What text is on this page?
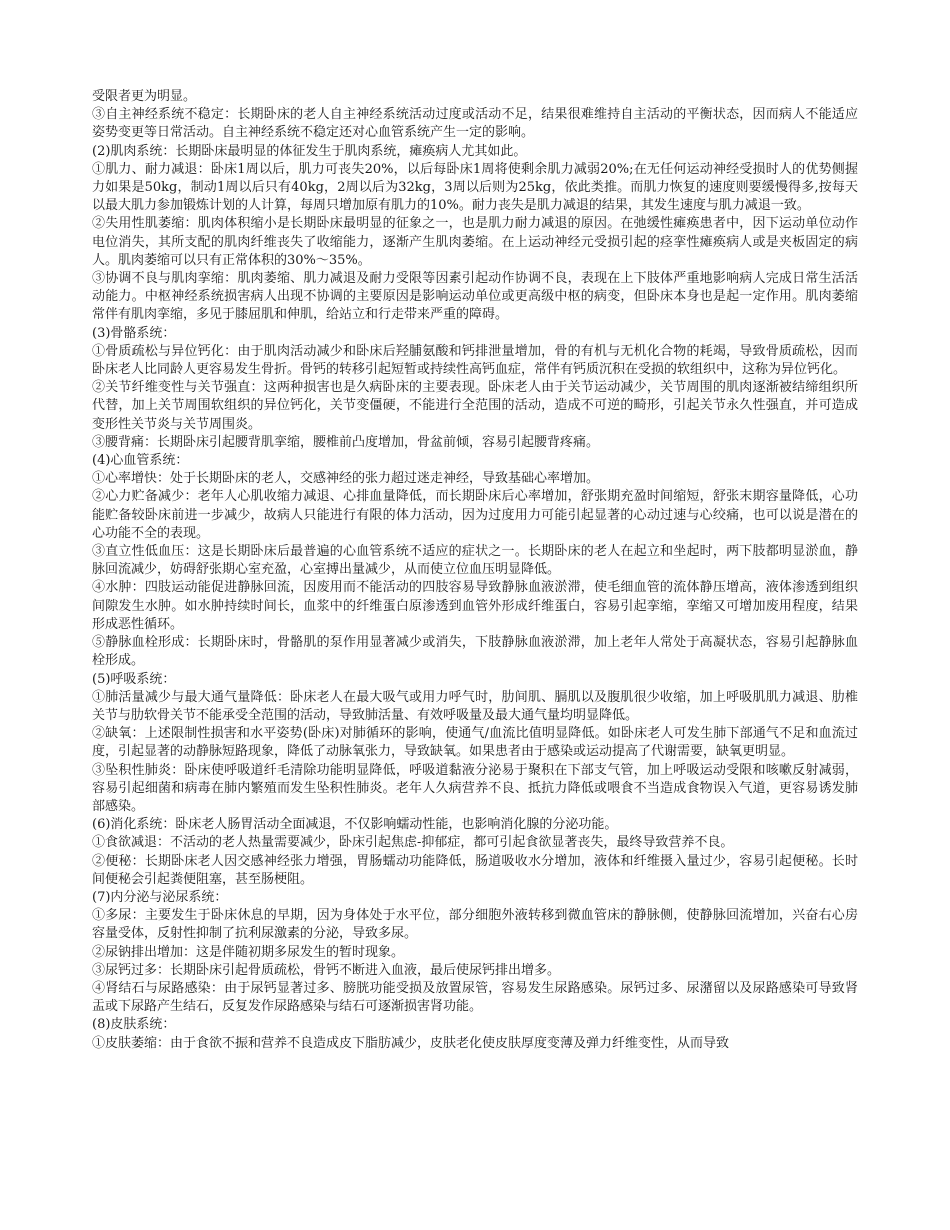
受限者更为明显。

③自主神经系统不稳定：长期卧床的老人自主神经系统活动过度或活动不足，结果很难维持自主活动的平衡状态，因而病人不能适应姿势变更等日常活动。自主神经系统不稳定还对心血管系统产生一定的影响。

(2)肌肉系统：长期卧床最明显的体征发生于肌肉系统，瘫痪病人尤其如此。

①肌力、耐力减退：卧床1周以后，肌力可丧失20%，以后每卧床1周将使剩余肌力减弱20%;在无任何运动神经受损时人的优势侧握力如果是50kg，制动1周以后只有40kg，2周以后为32kg，3周以后则为25kg，依此类推。而肌力恢复的速度则要缓慢得多,按每天以最大肌力参加锻炼计划的人计算，每周只增加原有肌力的10%。耐力丧失是肌力减退的结果，其发生速度与肌力减退一致。

②失用性肌萎缩：肌肉体积缩小是长期卧床最明显的征象之一，也是肌力耐力减退的原因。在弛缓性瘫痪患者中，因下运动单位动作电位消失，其所支配的肌肉纤维丧失了收缩能力，逐渐产生肌肉萎缩。在上运动神经元受损引起的痉挛性瘫痪病人或是夹板固定的病人。肌肉萎缩可以只有正常体积的30%～35%。

③协调不良与肌肉挛缩：肌肉萎缩、肌力减退及耐力受限等因素引起动作协调不良，表现在上下肢体严重地影响病人完成日常生活活动能力。中枢神经系统损害病人出现不协调的主要原因是影响运动单位或更高级中枢的病变，但卧床本身也是起一定作用。肌肉萎缩常伴有肌肉挛缩，多见于膝屈肌和伸肌，给站立和行走带来严重的障碍。

(3)骨骼系统：

①骨质疏松与异位钙化：由于肌肉活动减少和卧床后羟脯氨酸和钙排泄量增加，骨的有机与无机化合物的耗竭，导致骨质疏松，因而卧床老人比同龄人更容易发生骨折。骨钙的转移引起短暂或持续性高钙血症，常伴有钙质沉积在受损的软组织中，这称为异位钙化。

②关节纤维变性与关节强直：这两种损害也是久病卧床的主要表现。卧床老人由于关节运动减少，关节周围的肌肉逐渐被结缔组织所代替，加上关节周围软组织的异位钙化，关节变僵硬，不能进行全范围的活动，造成不可逆的畸形，引起关节永久性强直，并可造成变形性关节炎与关节周围炎。

③腰背痛：长期卧床引起腰背肌挛缩，腰椎前凸度增加，骨盆前倾，容易引起腰背疼痛。

(4)心血管系统：

①心率增快：处于长期卧床的老人，交感神经的张力超过迷走神经，导致基础心率增加。

②心力贮备减少：老年人心肌收缩力减退、心排血量降低，而长期卧床后心率增加，舒张期充盈时间缩短，舒张末期容量降低，心功能贮备较卧床前进一步减少，故病人只能进行有限的体力活动，因为过度用力可能引起显著的心动过速与心绞痛，也可以说是潜在的心功能不全的表现。

③直立性低血压：这是长期卧床后最普遍的心血管系统不适应的症状之一。长期卧床的老人在起立和坐起时，两下肢都明显淤血，静脉回流减少，妨碍舒张期心室充盈，心室搏出量减少，从而使立位血压明显降低。

④水肿：四肢运动能促进静脉回流，因废用而不能活动的四肢容易导致静脉血液淤滞，使毛细血管的流体静压增高，液体渗透到组织间隙发生水肿。如水肿持续时间长，血浆中的纤维蛋白原渗透到血管外形成纤维蛋白，容易引起挛缩，挛缩又可增加废用程度，结果形成恶性循环。

⑤静脉血栓形成：长期卧床时，骨骼肌的泵作用显著减少或消失，下肢静脉血液淤滞，加上老年人常处于高凝状态，容易引起静脉血栓形成。

(5)呼吸系统：

①肺活量减少与最大通气量降低：卧床老人在最大吸气或用力呼气时，肋间肌、膈肌以及腹肌很少收缩，加上呼吸肌肌力减退、肋椎关节与肋软骨关节不能承受全范围的活动，导致肺活量、有效呼吸量及最大通气量均明显降低。

②缺氧：上述限制性损害和水平姿势(卧床)对肺循环的影响，使通气/血流比值明显降低。如卧床老人可发生肺下部通气不足和血流过度，引起显著的动静脉短路现象，降低了动脉氧张力，导致缺氧。如果患者由于感染或运动提高了代谢需要，缺氧更明显。

③坠积性肺炎：卧床使呼吸道纤毛清除功能明显降低，呼吸道黏液分泌易于聚积在下部支气管，加上呼吸运动受限和咳嗽反射减弱，容易引起细菌和病毒在肺内繁殖而发生坠积性肺炎。老年人久病营养不良、抵抗力降低或喂食不当造成食物误入气道，更容易诱发肺部感染。

(6)消化系统：卧床老人肠胃活动全面减退，不仅影响蠕动性能，也影响消化腺的分泌功能。

①食欲减退：不活动的老人热量需要减少，卧床引起焦虑-抑郁症，都可引起食欲显著丧失，最终导致营养不良。

②便秘：长期卧床老人因交感神经张力增强，胃肠蠕动功能降低，肠道吸收水分增加，液体和纤维摄入量过少，容易引起便秘。长时间便秘会引起粪便阻塞，甚至肠梗阻。

(7)内分泌与泌尿系统：

①多尿：主要发生于卧床休息的早期，因为身体处于水平位，部分细胞外液转移到微血管床的静脉侧，使静脉回流增加，兴奋右心房容量受体，反射性抑制了抗利尿激素的分泌，导致多尿。

②尿钠排出增加：这是伴随初期多尿发生的暂时现象。

③尿钙过多：长期卧床引起骨质疏松，骨钙不断进入血液，最后使尿钙排出增多。

④肾结石与尿路感染：由于尿钙显著过多、膀胱功能受损及放置尿管，容易发生尿路感染。尿钙过多、尿潴留以及尿路感染可导致肾盂或下尿路产生结石，反复发作尿路感染与结石可逐渐损害肾功能。

(8)皮肤系统：

①皮肤萎缩：由于食欲不振和营养不良造成皮下脂肪减少，皮肤老化使皮肤厚度变薄及弹力纤维变性，从而导致
